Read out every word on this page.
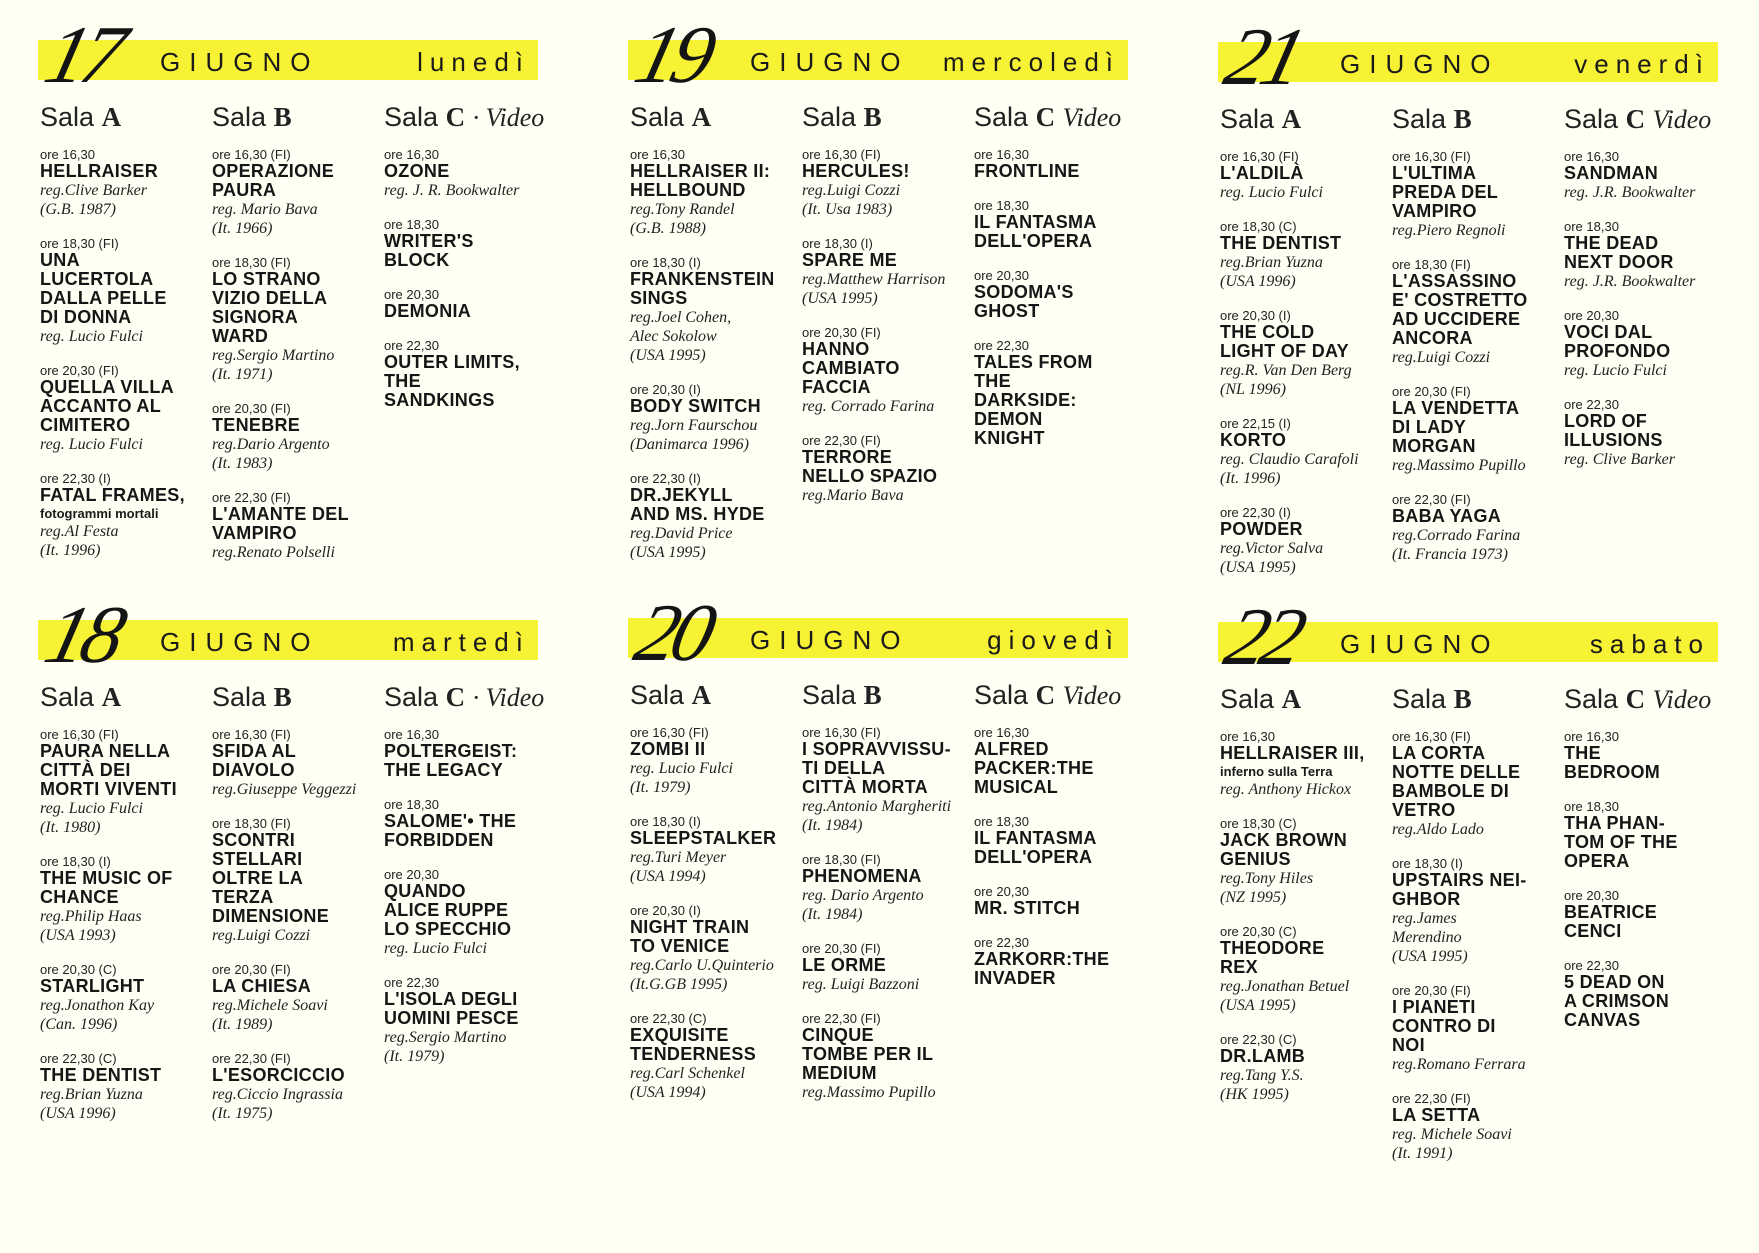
17 GIUGNO	lunedì
Sala A
ore 16,30
HELLRAISER
reg.Clive Barker
(G.B. 1987)
ore 18,30 (FI)
UNA
LUCERTOLA
DALLA PELLE
DI DONNA
reg. Lucio Fulci
ore 20,30 (FI)
QUELLA VILLA
ACCANTO AL
CIMITERO
reg. Lucio Fulci
ore 22,30 (I)
FATAL FRAMES,
fotogrammi mortali
reg.Al Festa
(It. 1996)
Sala B
ore 16,30 (FI)
OPERAZIONE
PAURA
reg. Mario Bava
(It. 1966)
ore 18,30 (FI)
LO STRANO
VIZIO DELLA
SIGNORA
WARD
reg.Sergio Martino
(It. 1971)
ore 20,30 (FI)
TENEBRE
reg.Dario Argento
(It. 1983)
ore 22,30 (FI)
L'AMANTE DEL
VAMPIRO
reg.Renato Polselli
Sala C · Video
ore 16,30
OZONE
reg. J. R. Bookwalter
ore 18,30
WRITER'S
BLOCK
ore 20,30
DEMONIA
ore 22,30
OUTER LIMITS,
THE
SANDKINGS
19 GIUGNO mercoledì
Sala A
ore 16,30
HELLRAISER II:
HELLBOUND
reg.Tony Randel
(G.B. 1988)
ore 18,30 (I)
FRANKENSTEIN
SINGS
reg.Joel Cohen,
Alec Sokolow
(USA 1995)
ore 20,30 (I)
BODY SWITCH
reg.Jorn Faurschou
(Danimarca 1996)
ore 22,30 (I)
DR.JEKYLL
AND MS. HYDE
reg.David Price
(USA 1995)
Sala B
ore 16,30 (FI)
HERCULES!
reg.Luigi Cozzi
(It. Usa 1983)
ore 18,30 (I)
SPARE ME
reg.Matthew Harrison
(USA 1995)
ore 20,30 (FI)
HANNO
CAMBIATO
FACCIA
reg. Corrado Farina
ore 22,30 (FI)
TERRORE
NELLO SPAZIO
reg.Mario Bava
Sala C Video
ore 16,30
FRONTLINE
ore 18,30
IL FANTASMA
DELL'OPERA
ore 20,30
SODOMA'S
GHOST
ore 22,30
TALES FROM
THE
DARKSIDE:
DEMON
KNIGHT
21 GIUGNO	venerdì
Sala A
ore 16,30 (FI)
L'ALDILÀ
reg. Lucio Fulci
ore 18,30 (C)
THE DENTIST
reg.Brian Yuzna
(USA 1996)
ore 20,30 (I)
THE COLD
LIGHT OF DAY
reg.R. Van Den Berg
(NL 1996)
ore 22,15 (I)
KORTO
reg. Claudio Carafoli
(It. 1996)
ore 22,30 (I)
POWDER
reg.Victor Salva
(USA 1995)
Sala B
ore 16,30 (FI)
L'ULTIMA
PREDA DEL
VAMPIRO
reg.Piero Regnoli
ore 18,30 (FI)
L'ASSASSINO
E' COSTRETTO
AD UCCIDERE
ANCORA
reg.Luigi Cozzi
ore 20,30 (FI)
LA VENDETTA
DI LADY
MORGAN
reg.Massimo Pupillo
ore 22,30 (FI)
BABA YAGA
reg.Corrado Farina
(It. Francia 1973)
Sala C Video
ore 16,30
SANDMAN
reg. J.R. Bookwalter
ore 18,30
THE DEAD
NEXT DOOR
reg. J.R. Bookwalter
ore 20,30
VOCI DAL
PROFONDO
reg. Lucio Fulci
ore 22,30
LORD OF
ILLUSIONS
reg. Clive Barker
18 GIUGNO	martedì
Sala A
ore 16,30 (FI)
PAURA NELLA
CITTÀ DEI
MORTI VIVENTI
reg. Lucio Fulci
(It. 1980)
ore 18,30 (I)
THE MUSIC OF
CHANCE
reg.Philip Haas
(USA 1993)
ore 20,30 (C)
STARLIGHT
reg.Jonathon Kay
(Can. 1996)
ore 22,30 (C)
THE DENTIST
reg.Brian Yuzna
(USA 1996)
Sala B
ore 16,30 (FI)
SFIDA AL
DIAVOLO
reg.Giuseppe Veggezzi
ore 18,30 (FI)
SCONTRI
STELLARI
OLTRE LA
TERZA
DIMENSIONE
reg.Luigi Cozzi
ore 20,30 (FI)
LA CHIESA
reg.Michele Soavi
(It. 1989)
ore 22,30 (FI)
L'ESORCICCIO
reg.Ciccio Ingrassia
(It. 1975)
Sala C · Video
ore 16,30
POLTERGEIST:
THE LEGACY
ore 18,30
SALOME'• THE
FORBIDDEN
ore 20,30
QUANDO
ALICE RUPPE
LO SPECCHIO
reg. Lucio Fulci
ore 22,30
L'ISOLA DEGLI
UOMINI PESCE
reg.Sergio Martino
(It. 1979)
20 GIUGNO	giovedì
Sala A
ore 16,30 (FI)
ZOMBI II
reg. Lucio Fulci
(It. 1979)
ore 18,30 (I)
SLEEPSTALKER
reg.Turi Meyer
(USA 1994)
ore 20,30 (I)
NIGHT TRAIN
TO VENICE
reg.Carlo U.Quinterio
(It.G.GB 1995)
ore 22,30 (C)
EXQUISITE
TENDERNESS
reg.Carl Schenkel
(USA 1994)
Sala B
ore 16,30 (FI)
I SOPRAVVISSU-
TI DELLA
CITTÀ MORTA
reg.Antonio Margheriti
(It. 1984)
ore 18,30 (FI)
PHENOMENA
reg. Dario Argento
(It. 1984)
ore 20,30 (FI)
LE ORME
reg. Luigi Bazzoni
ore 22,30 (FI)
CINQUE
TOMBE PER IL
MEDIUM
reg.Massimo Pupillo
Sala C Video
ore 16,30
ALFRED
PACKER:THE
MUSICAL
ore 18,30
IL FANTASMA
DELL'OPERA
ore 20,30
MR. STITCH
ore 22,30
ZARKORR:THE
INVADER
22 GIUGNO	sabato
Sala A
ore 16,30
HELLRAISER III,
inferno sulla Terra
reg. Anthony Hickox
ore 18,30 (C)
JACK BROWN
GENIUS
reg.Tony Hiles
(NZ 1995)
ore 20,30 (C)
THEODORE
REX
reg.Jonathan Betuel
(USA 1995)
ore 22,30 (C)
DR.LAMB
reg.Tang Y.S.
(HK 1995)
Sala B
ore 16,30 (FI)
LA CORTA
NOTTE DELLE
BAMBOLE DI
VETRO
reg.Aldo Lado
ore 18,30 (I)
UPSTAIRS NEI-
GHBOR
reg.James
Merendino
(USA 1995)
ore 20,30 (FI)
I PIANETI
CONTRO DI
NOI
reg.Romano Ferrara
ore 22,30 (FI)
LA SETTA
reg. Michele Soavi
(It. 1991)
Sala C Video
ore 16,30
THE
BEDROOM
ore 18,30
THA PHAN-
TOM OF THE
OPERA
ore 20,30
BEATRICE
CENCI
ore 22,30
5 DEAD ON
A CRIMSON
CANVAS
